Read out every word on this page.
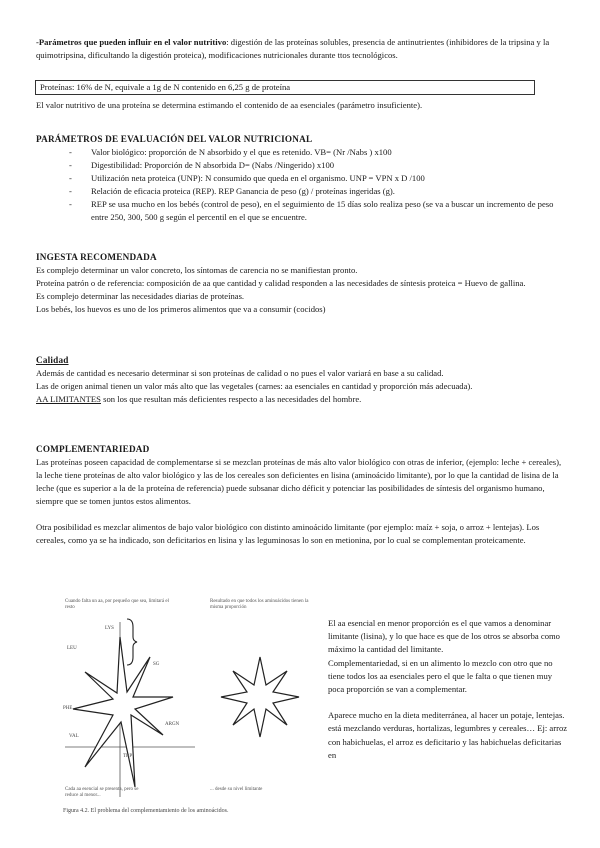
-Parámetros que pueden influir en el valor nutritivo: digestión de las proteínas solubles, presencia de antinutrientes (inhibidores de la tripsina y la quimotripsina, dificultando la digestión proteica), modificaciones nutricionales durante ttos tecnológicos.

Proteínas: 16% de N, equivale a 1g de N contenido en 6,25 g de proteína

El valor nutritivo de una proteína se determina estimando el contenido de aa esenciales (parámetro insuficiente).

PARÁMETROS DE EVALUACIÓN DEL VALOR NUTRICIONAL
- Valor biológico: proporción de N absorbido y el que es retenido. VB= (Nr /Nabs ) x100
- Digestibilidad: Proporción de N absorbida D= (Nabs /Ningerido) x100
- Utilización neta proteica (UNP): N consumido que queda en el organismo. UNP = VPN x D /100
- Relación de eficacia proteica (REP). REP Ganancia de peso (g) / proteínas ingeridas (g).
- REP se usa mucho en los bebés (control de peso), en el seguimiento de 15 días solo realiza peso (se va a buscar un incremento de peso entre 250, 300, 500 g según el percentil en el que se encuentre.
INGESTA RECOMENDADA

Es complejo determinar un valor concreto, los síntomas de carencia no se manifiestan pronto.

Proteína patrón o de referencia: composición de aa que cantidad y calidad responden a las necesidades de síntesis proteica = Huevo de gallina.

Es complejo determinar las necesidades diarias de proteínas.

Los bebés, los huevos es uno de los primeros alimentos que va a consumir (cocidos)

Calidad

Además de cantidad es necesario determinar si son proteínas de calidad o no pues el valor variará en base a su calidad.

Las de origen animal tienen un valor más alto que las vegetales (carnes: aa esenciales en cantidad y proporción más adecuada).

AA LIMITANTES son los que resultan más deficientes respecto a las necesidades del hombre.

COMPLEMENTARIEDAD

Las proteínas poseen capacidad de complementarse si se mezclan proteínas de más alto valor biológico con otras de inferior, (ejemplo: leche + cereales), la leche tiene proteínas de alto valor biológico y las de los cereales son deficientes en lisina (aminoácido limitante), por lo que la cantidad de lisina de la leche (que es superior a la de la proteína de referencia) puede subsanar dicho déficit y potenciar las posibilidades de síntesis del organismo humano, siempre que se tomen juntos estos alimentos.

Otra posibilidad es mezclar alimentos de bajo valor biológico con distinto aminoácido limitante (por ejemplo: maíz + soja, o arroz + lentejas). Los cereales, como ya se ha indicado, son deficitarios en lisina y las leguminosas lo son en metionina, por lo cual se complementan proteicamente.

Cuando falta un aa, por pequeño que sea, limitará el resto
Resultado en que todos los aminoácidos tienen la misma proporción
LYS
SG
LEU
ARGN
TRP
PHE
VAL
Cada aa esencial se presenta, pero se reduce al menor...
... desde su nivel limitante
Figura 4.2. El problema del complementamiento de los aminoácidos.

El aa esencial en menor proporción es el que vamos a denominar limitante (lisina), y lo que hace es que de los otros se absorba como máximo la cantidad del limitante.

Complementariedad, si en un alimento lo mezclo con otro que no tiene todos los aa esenciales pero el que le falta o que tienen muy poca proporción se van a complementar.

Aparece mucho en la dieta mediterránea, al hacer un potaje, lentejas. está mezclando verduras, hortalizas, legumbres y cereales… Ej: arroz con habichuelas, el arroz es deficitario y las habichuelas deficitarias en
